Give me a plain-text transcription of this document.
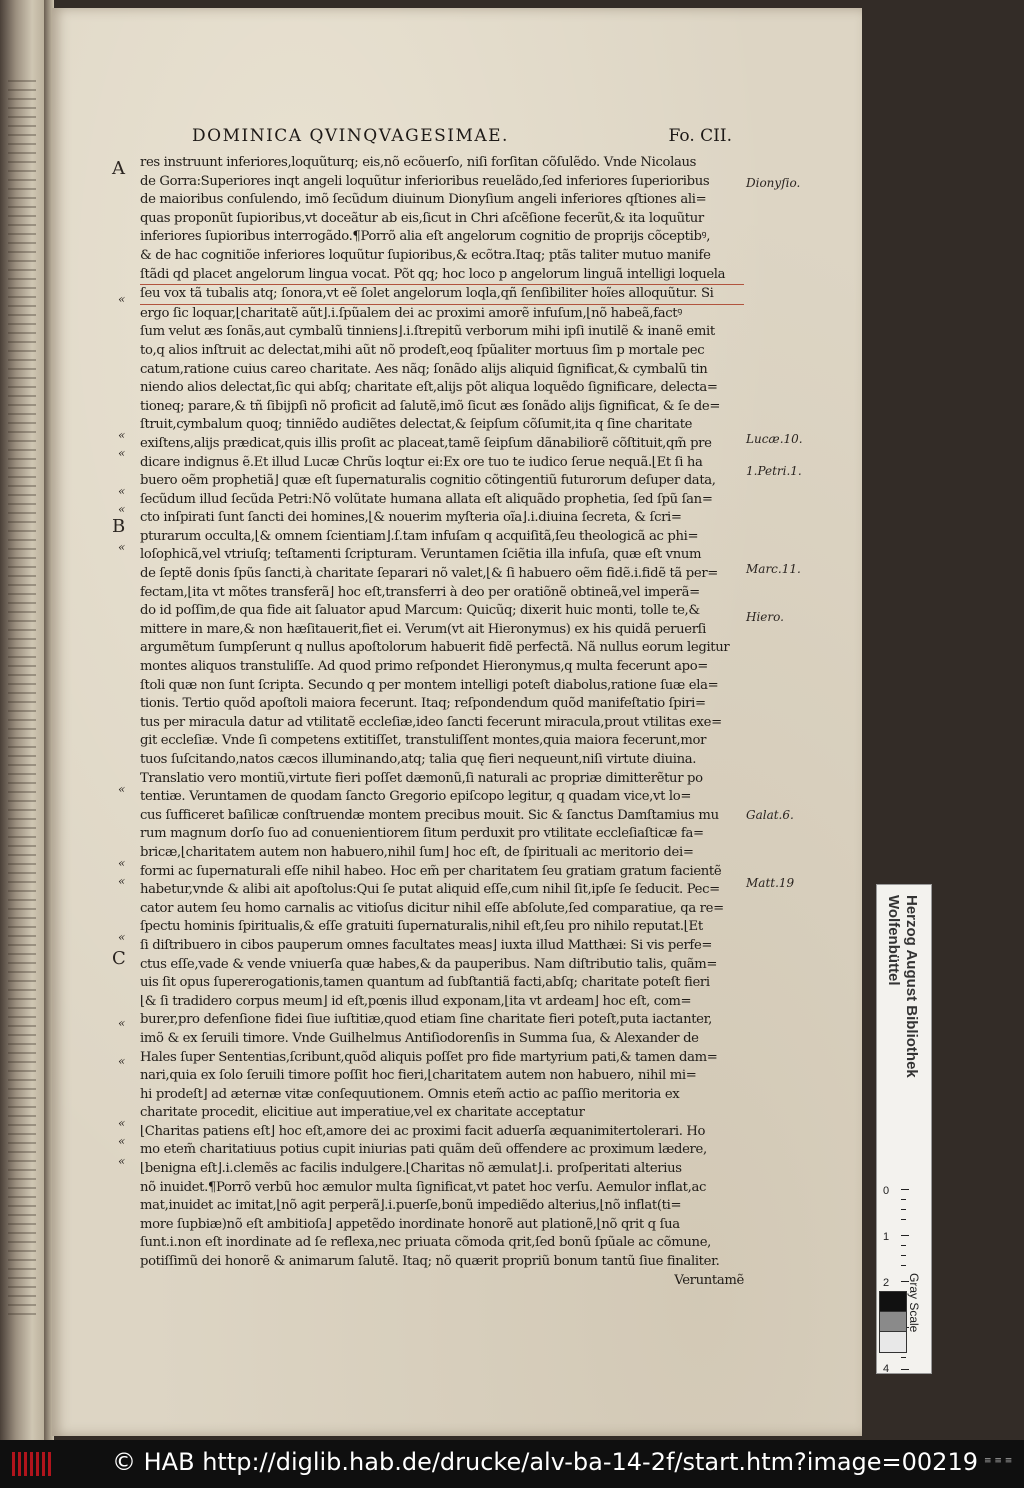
DOMINICA QVINQVAGESIMAE.	Fo. CII.
res instruunt inferiores,loquũturq; eis,nõ ecõuerſo, niſi forſitan cõſulẽdo. Vnde Nicolaus
de Gorra:Superiores inqt angeli loquũtur inferioribus reuelãdo,ſed inferiores ſuperioribus
de maioribus conſulendo, imõ ſecũdum diuinum Dionyſium angeli inferiores qſtiones ali=
quas proponũt ſupioribus,vt doceãtur ab eis,ſicut in Chri aſcẽſione fecerũt,& ita loquũtur
inferiores ſupioribus interrogãdo.¶Porrõ alia eſt angelorum cognitio de proprijs cõceptibꝰ,
& de hac cognitiõe inferiores loquũtur ſupioribus,& ecõtra.Itaq; ptãs taliter mutuo manife
ſtãdi qd placet angelorum lingua vocat. Põt qq; hoc loco p angelorum linguã intelligi loquela
ſeu vox tã tubalis atq; ſonora,vt eẽ ſolet angelorum loqla,qñ ſenſibiliter hoĩes alloquũtur. Si
ergo ſic loquar,⌊charitatẽ aũt⌋.i.ſpũalem dei ac proximi amorẽ infuſum,⌊nõ habeã,factꝰ
ſum velut æs ſonãs,aut cymbalũ tinniens⌋.i.ſtrepitũ verborum mihi ipſi inutilẽ & inanẽ emit
to,q alios inſtruit ac delectat,mihi aũt nõ prodeſt,eoq ſpũaliter mortuus ſim p mortale pec
catum,ratione cuius careo charitate. Aes nãq; ſonãdo alijs aliquid ſignificat,& cymbalũ tin
niendo alios delectat,ſic qui abſq; charitate eſt,alijs põt aliqua loquẽdo ſignificare, delecta=
tioneq; parare,& tñ ſibijpſi nõ proficit ad ſalutẽ,imõ ſicut æs ſonãdo alijs ſignificat, & ſe de=
ſtruit,cymbalum quoq; tinniẽdo audiẽtes delectat,& ſeipſum cõſumit,ita q ſine charitate
exiſtens,alijs prædicat,quis illis proſit ac placeat,tamẽ ſeipſum dãnabiliorẽ cõſtituit,qm̃ pre
dicare indignus ẽ.Et illud Lucæ Chrũs loqtur ei:Ex ore tuo te iudico ſerue nequã.⌊Et ſi ha
buero oẽm prophetiã⌋ quæ eſt ſupernaturalis cognitio cõtingentiũ futurorum deſuper data,
ſecũdum illud ſecũda Petri:Nõ volũtate humana allata eſt aliquãdo prophetia, ſed ſpũ ſan=
cto inſpirati ſunt ſancti dei homines,⌊& nouerim myſteria oĩa⌋.i.diuina ſecreta, & ſcri=
pturarum occulta,⌊& omnem ſcientiam⌋.ſ.tam infuſam q acquiſitã,ſeu theologicã ac phi=
loſophicã,vel vtriuſq; teſtamenti ſcripturam. Veruntamen ſciẽtia illa infuſa, quæ eſt vnum
de ſeptẽ donis ſpũs ſancti,à charitate ſeparari nõ valet,⌊& ſi habuero oẽm fidẽ.i.fidẽ tã per=
fectam,⌊ita vt mõtes transferã⌋ hoc eſt,transferri à deo per oratiõnẽ obtineã,vel imperã=
do id poſſim,de qua fide ait ſaluator apud Marcum: Quicũq; dixerit huic monti, tolle te,&
mittere in mare,& non hæſitauerit,fiet ei. Verum(vt ait Hieronymus) ex his quidã peruerſi
argumẽtum ſumpſerunt q nullus apoſtolorum habuerit fidẽ perfectã. Nã nullus eorum legitur
montes aliquos transtuliſſe. Ad quod primo reſpondet Hieronymus,q multa fecerunt apo=
ſtoli quæ non ſunt ſcripta. Secundo q per montem intelligi poteſt diabolus,ratione ſuæ ela=
tionis. Tertio quõd apoſtoli maiora fecerunt. Itaq; reſpondendum quõd manifeſtatio ſpiri=
tus per miracula datur ad vtilitatẽ eccleſiæ,ideo ſancti fecerunt miracula,prout vtilitas exe=
git eccleſiæ. Vnde ſi competens extitiſſet, transtuliſſent montes,quia maiora fecerunt,mor
tuos ſuſcitando,natos cæcos illuminando,atq; talia quę fieri nequeunt,niſi virtute diuina.
Translatio vero montiũ,virtute fieri poſſet dæmonũ,ſi naturali ac propriæ dimitterẽtur po
tentiæ. Veruntamen de quodam ſancto Gregorio epiſcopo legitur, q quadam vice,vt lo=
cus ſufficeret baſilicæ conſtruendæ montem precibus mouit. Sic & ſanctus Damſtamius mu
rum magnum dorſo ſuo ad conuenientiorem ſitum perduxit pro vtilitate eccleſiaſticæ fa=
bricæ,⌊charitatem autem non habuero,nihil ſum⌋ hoc eſt, de ſpirituali ac meritorio dei=
formi ac ſupernaturali eſſe nihil habeo. Hoc em̃ per charitatem ſeu gratiam gratum facientẽ
habetur,vnde & alibi ait apoſtolus:Qui ſe putat aliquid eſſe,cum nihil ſit,ipſe ſe ſeducit. Pec=
cator autem ſeu homo carnalis ac vitioſus dicitur nihil eſſe abſolute,ſed comparatiue, qa re=
ſpectu hominis ſpiritualis,& eſſe gratuiti ſupernaturalis,nihil eſt,ſeu pro nihilo reputat.⌊Et
ſi diſtribuero in cibos pauperum omnes facultates meas⌋ iuxta illud Matthæi: Si vis perfe=
ctus eſſe,vade & vende vniuerſa quæ habes,& da pauperibus. Nam diſtributio talis, quãm=
uis ſit opus ſupererogationis,tamen quantum ad ſubſtantiã facti,abſq; charitate poteſt fieri
⌊& ſi tradidero corpus meum⌋ id eſt,pœnis illud exponam,⌊ita vt ardeam⌋ hoc eſt, com=
burer,pro defenſione fidei ſiue iuſtitiæ,quod etiam ſine charitate fieri poteſt,puta iactanter,
imõ & ex ſeruili timore. Vnde Guilhelmus Antiſiodorenſis in Summa ſua, & Alexander de
Hales ſuper Sententias,ſcribunt,quõd aliquis poſſet pro fide martyrium pati,& tamen dam=
nari,quia ex ſolo ſeruili timore poſſit hoc fieri,⌊charitatem autem non habuero, nihil mi=
hi prodeſt⌋ ad æternæ vitæ conſequutionem. Omnis etem̃ actio ac paſſio meritoria ex
charitate procedit, elicitiue aut imperatiue,vel ex charitate acceptatur
⌊Charitas patiens eſt⌋ hoc eſt,amore dei ac proximi facit aduerſa æquanimitertolerari. Ho
mo etem̃ charitatiuus potius cupit iniurias pati quãm deũ offendere ac proximum lædere,
⌊benigna eſt⌋.i.clemẽs ac facilis indulgere.⌊Charitas nõ æmulat⌋.i. proſperitati alterius
nõ inuidet.¶Porrõ verbũ hoc æmulor multa ſignificat,vt patet hoc verſu. Aemulor inflat,ac
mat,inuidet ac imitat,⌊nõ agit perperã⌋.i.puerſe,bonũ impediẽdo alterius,⌊nõ inflat(ti=
more ſupbiæ)nõ eſt ambitioſa⌋ appetẽdo inordinate honorẽ aut plationẽ,⌊nõ qrit q ſua
ſunt.i.non eſt inordinate ad ſe reflexa,nec priuata cõmoda qrit,ſed bonũ ſpũale ac cõmune,
potiſſimũ dei honorẽ & animarum ſalutẽ. Itaq; nõ quærit propriũ bonum tantũ ſiue finaliter.
Veruntamẽ
A
B
C
«
«
«
«
«
«
«
«
«
«
«
«
«
«
«
Dionyſio.
Lucæ.10.
1.Petri.1.
Marc.11.
Hiero.
Galat.6.
Matt.19
Herzog August Bibliothek
Wolfenbüttel
0
1
2
4
Gray Scale
© HAB http://diglib.hab.de/drucke/alv-ba-14-2f/start.htm?image=00219 ≡ ≡ ≡
